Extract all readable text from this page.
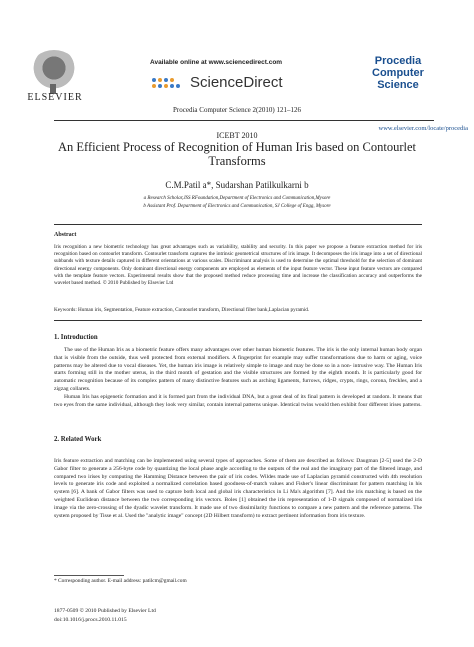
ELSEVIER
Available online at www.sciencedirect.com
ScienceDirect
Procedia
Computer
Science
Procedia Computer Science 2(2010) 121–126
www.elsevier.com/locate/procedia
ICEBT 2010
An Efficient Process of Recognition of Human Iris based on Contourlet Transforms
C.M.Patil a*, Sudarshan Patilkulkarni b
a Research Scholar,JSS RFoundation,Department of Electronics and Communication,Mysore
b Assistant Prof. Department of Electronics and Communication, SJ College of Engg, Mysore
Abstract
Iris recognition a new biometric technology has great advantages such as variability, stability and security. In this paper we propose a feature extraction method for iris recognition based on contourlet transform. Contourlet transform captures the intrinsic geometrical structures of iris image. It decomposes the iris image into a set of directional subbands with texture details captured in different orientations at various scales. Discriminant analysis is used to determine the optimal threshold for the selection of dominant directional energy components. Only dominant directional energy components are employed as elements of the input feature vector. These input feature vectors are compared with the template feature vectors. Experimental results show that the proposed method reduce processing time and increase the classification accuracy and outperforms the wavelet based method. © 2010 Published by Elsevier Ltd
Keywords: Human iris, Segmentation, Feature extraction, Contourlet transform, Directional filter bank,Laplacian pyramid.
1. Introduction

The use of the Human Iris as a biometric feature offers many advantages over other human biometric features. The iris is the only internal human body organ that is visible from the outside, thus well protected from external modifiers. A fingerprint for example may suffer transformations due to harm or aging, voice patterns may be altered due to vocal diseases. Yet, the human iris image is relatively simple to image and may be done so in a non- intrusive way. The Human Iris starts forming still in the mother uterus, in the third month of gestation and the visible structures are formed by the eighth month. It is particularly good for automatic recognition because of its complex pattern of many distinctive features such as arching ligaments, furrows, ridges, crypts, rings, corona, freckles, and a zigzag collarets.

Human Iris has epigenetic formation and it is formed part from the individual DNA, but a great deal of its final pattern is developed at random. It means that two eyes from the same individual, although they look very similar, contain internal patterns unique. Identical twins would then exhibit four different irises patterns.

2. Related Work

Iris feature extraction and matching can be implemented using several types of approaches. Some of them are described as follows: Daugman [2-5] used the 2-D Gabor filter to generate a 256-byte code by quantizing the local phase angle according to the outputs of the real and the imaginary part of the filtered image, and compared two irises by computing the Hamming Distance between the pair of iris codes. Wildes made use of Laplacian pyramid constructed with 4th resolution levels to generate iris code and exploited a normalized correlation based goodness-of-match values and Fisher's linear discriminant for pattern matching in his system [6]. A bank of Gabor filters was used to capture both local and global iris characteristics in Li Ma's algorithm [7]. And the iris matching is based on the weighted Euclidean distance between the two corresponding iris vectors. Boles [1] obtained the iris representation of 1-D signals composed of normalized iris image via the zero-crossing of the dyadic wavelet transform. It made use of two dissimilarity functions to compare a new pattern and the reference patterns. The system proposed by Tisse et al. Used the "analytic image" concept (2D Hilbert transform) to extract pertinent information from iris texture.

* Corresponding author. E-mail address: patilcm@gmail.com
1877-0509 © 2010 Published by Elsevier Ltd
doi:10.1016/j.procs.2010.11.015
